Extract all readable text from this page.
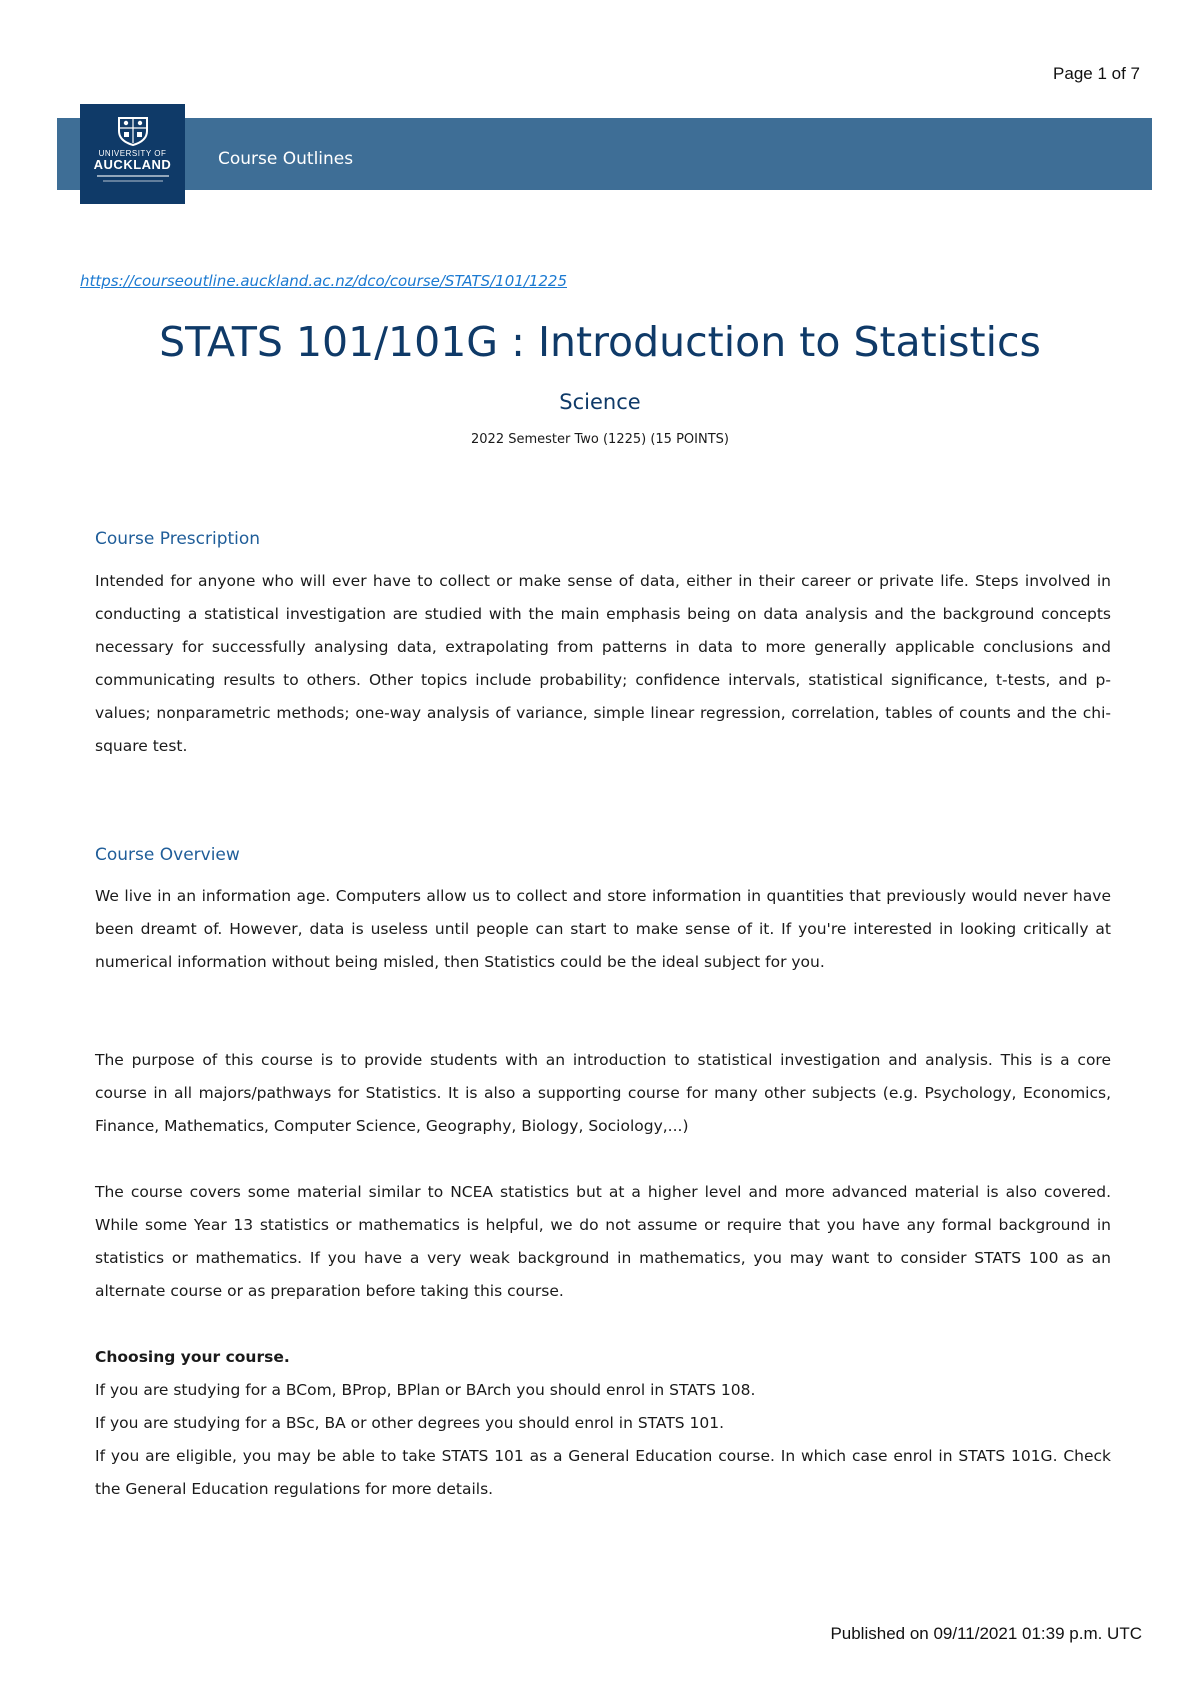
Page 1 of 7
UNIVERSITY OF
AUCKLAND	Course Outlines
https://courseoutline.auckland.ac.nz/dco/course/STATS/101/1225
STATS 101/101G : Introduction to Statistics
Science
2022 Semester Two (1225) (15 POINTS)
Course Prescription

Intended for anyone who will ever have to collect or make sense of data, either in their career or private life. Steps involved in conducting a statistical investigation are studied with the main emphasis being on data analysis and the background concepts necessary for successfully analysing data, extrapolating from patterns in data to more generally applicable conclusions and communicating results to others. Other topics include probability; confidence intervals, statistical significance, t-tests, and p-values; nonparametric methods; one-way analysis of variance, simple linear regression, correlation, tables of counts and the chi-square test.

Course Overview

We live in an information age. Computers allow us to collect and store information in quantities that previously would never have been dreamt of. However, data is useless until people can start to make sense of it. If you're interested in looking critically at numerical information without being misled, then Statistics could be the ideal subject for you.

The purpose of this course is to provide students with an introduction to statistical investigation and analysis. This is a core course in all majors/pathways for Statistics. It is also a supporting course for many other subjects (e.g. Psychology, Economics, Finance, Mathematics, Computer Science, Geography, Biology, Sociology,...)

The course covers some material similar to NCEA statistics but at a higher level and more advanced material is also covered. While some Year 13 statistics or mathematics is helpful, we do not assume or require that you have any formal background in statistics or mathematics. If you have a very weak background in mathematics, you may want to consider STATS 100 as an alternate course or as preparation before taking this course.

Choosing your course.

If you are studying for a BCom, BProp, BPlan or BArch you should enrol in STATS 108.

If you are studying for a BSc, BA or other degrees you should enrol in STATS 101.

If you are eligible, you may be able to take STATS 101 as a General Education course. In which case enrol in STATS 101G. Check the General Education regulations for more details.

Published on 09/11/2021 01:39 p.m. UTC
